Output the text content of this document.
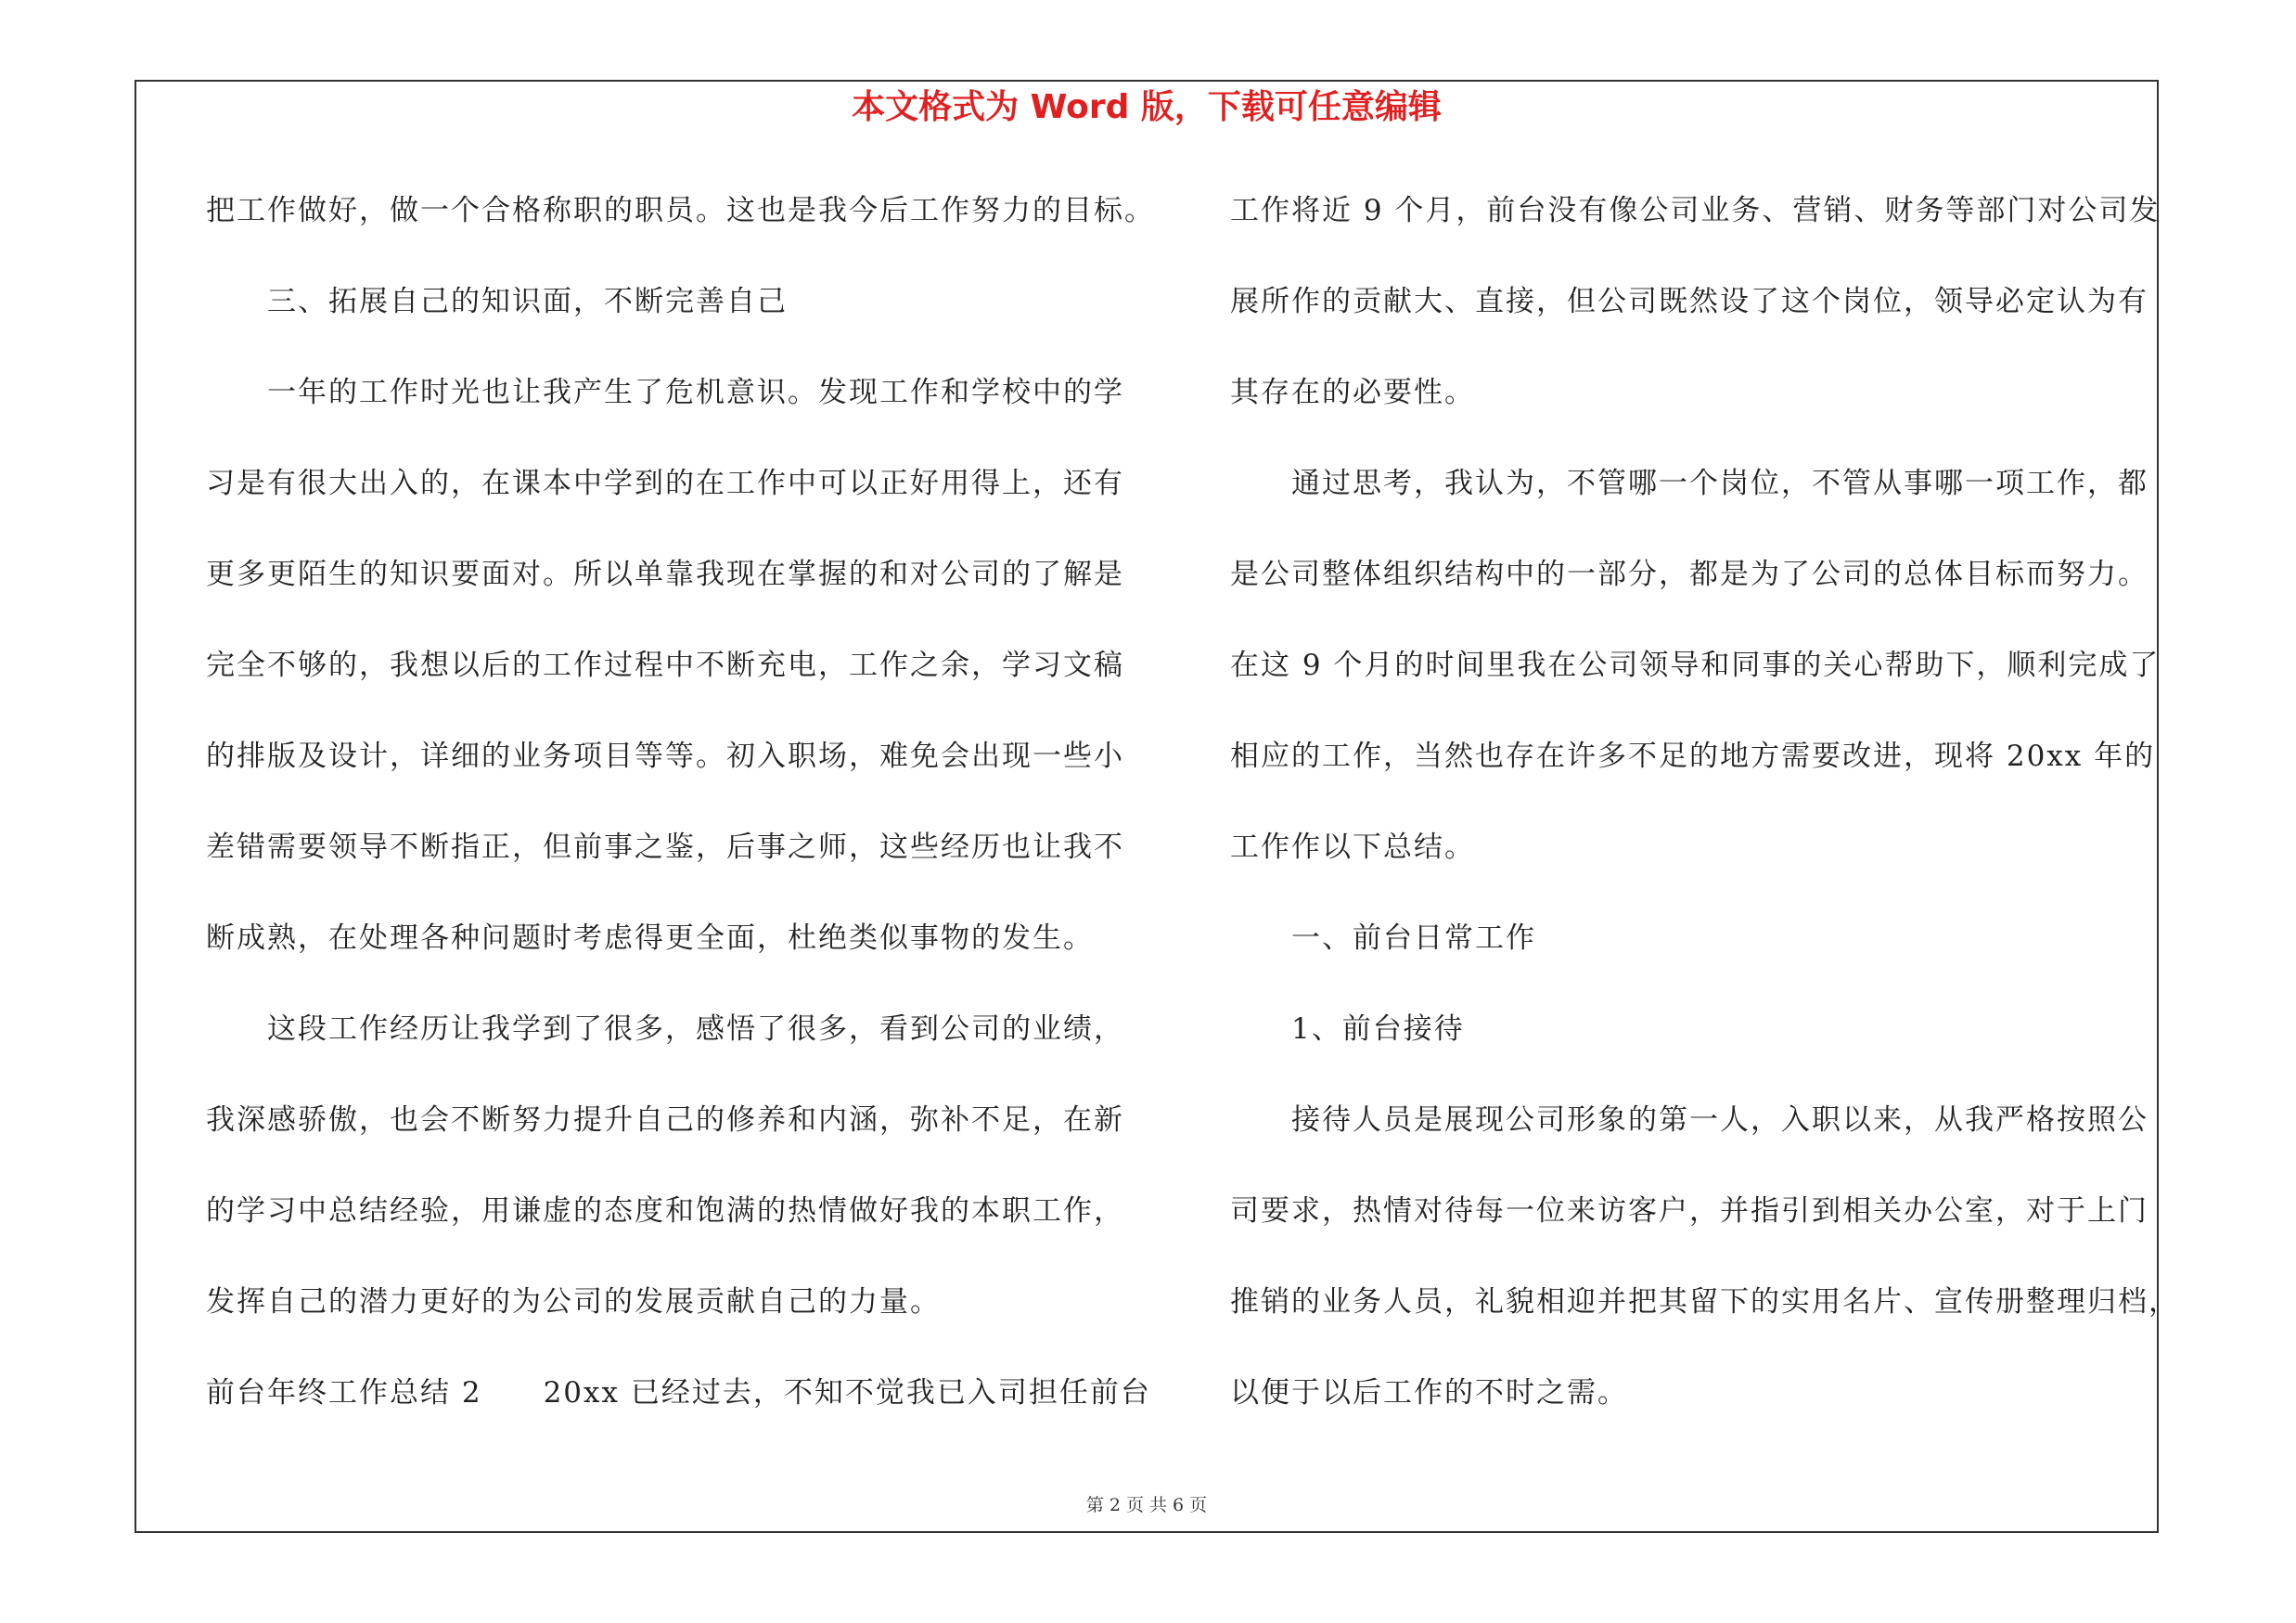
本文格式为 Word 版，下载可任意编辑
把工作做好，做一个合格称职的职员。这也是我今后工作努力的目标。
三、拓展自己的知识面，不断完善自己
一年的工作时光也让我产生了危机意识。发现工作和学校中的学
习是有很大出入的，在课本中学到的在工作中可以正好用得上，还有
更多更陌生的知识要面对。所以单靠我现在掌握的和对公司的了解是
完全不够的，我想以后的工作过程中不断充电，工作之余，学习文稿
的排版及设计，详细的业务项目等等。初入职场，难免会出现一些小
差错需要领导不断指正，但前事之鉴，后事之师，这些经历也让我不
断成熟，在处理各种问题时考虑得更全面，杜绝类似事物的发生。
这段工作经历让我学到了很多，感悟了很多，看到公司的业绩，
我深感骄傲，也会不断努力提升自己的修养和内涵，弥补不足，在新
的学习中总结经验，用谦虚的态度和饱满的热情做好我的本职工作，
发挥自己的潜力更好的为公司的发展贡献自己的力量。
前台年终工作总结 2 20xx 已经过去，不知不觉我已入司担任前台
工作将近 9 个月，前台没有像公司业务、营销、财务等部门对公司发
展所作的贡献大、直接，但公司既然设了这个岗位，领导必定认为有
其存在的必要性。
通过思考，我认为，不管哪一个岗位，不管从事哪一项工作，都
是公司整体组织结构中的一部分，都是为了公司的总体目标而努力。
在这 9 个月的时间里我在公司领导和同事的关心帮助下，顺利完成了
相应的工作，当然也存在许多不足的地方需要改进，现将 20xx 年的
工作作以下总结。
一、前台日常工作
1、前台接待
接待人员是展现公司形象的第一人，入职以来，从我严格按照公
司要求，热情对待每一位来访客户，并指引到相关办公室，对于上门
推销的业务人员，礼貌相迎并把其留下的实用名片、宣传册整理归档，
以便于以后工作的不时之需。
第 2 页 共 6 页
